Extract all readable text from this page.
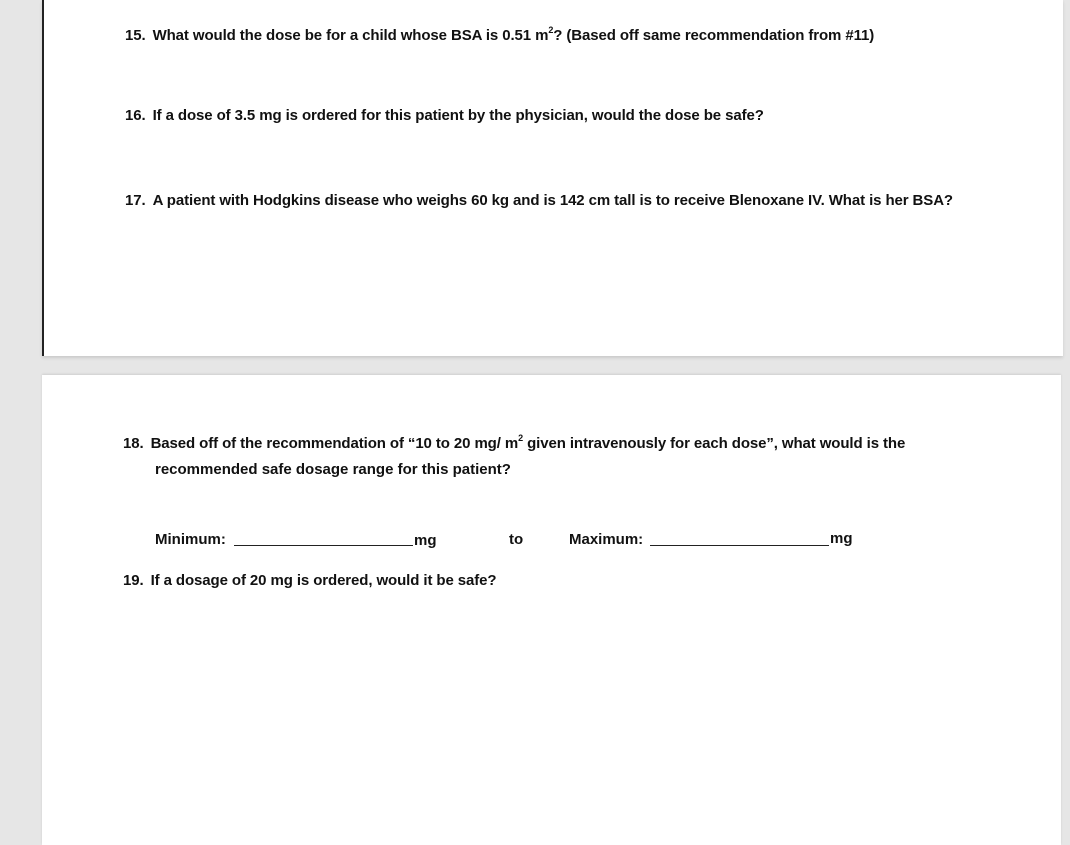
15. What would the dose be for a child whose BSA is 0.51 $m^2$? (Based off same recommendation from #11)
16. If a dose of 3.5 mg is ordered for this patient by the physician, would the dose be safe?
17. A patient with Hodgkins disease who weighs 60 kg and is 142 cm tall is to receive Blenoxane IV. What is her BSA?
18. Based off of the recommendation of “10 to 20 mg/ $m^2$ given intravenously for each dose”, what would is the
recommended safe dosage range for this patient?
Minimum:	mg	to	Maximum:	mg
19. If a dosage of 20 mg is ordered, would it be safe?
